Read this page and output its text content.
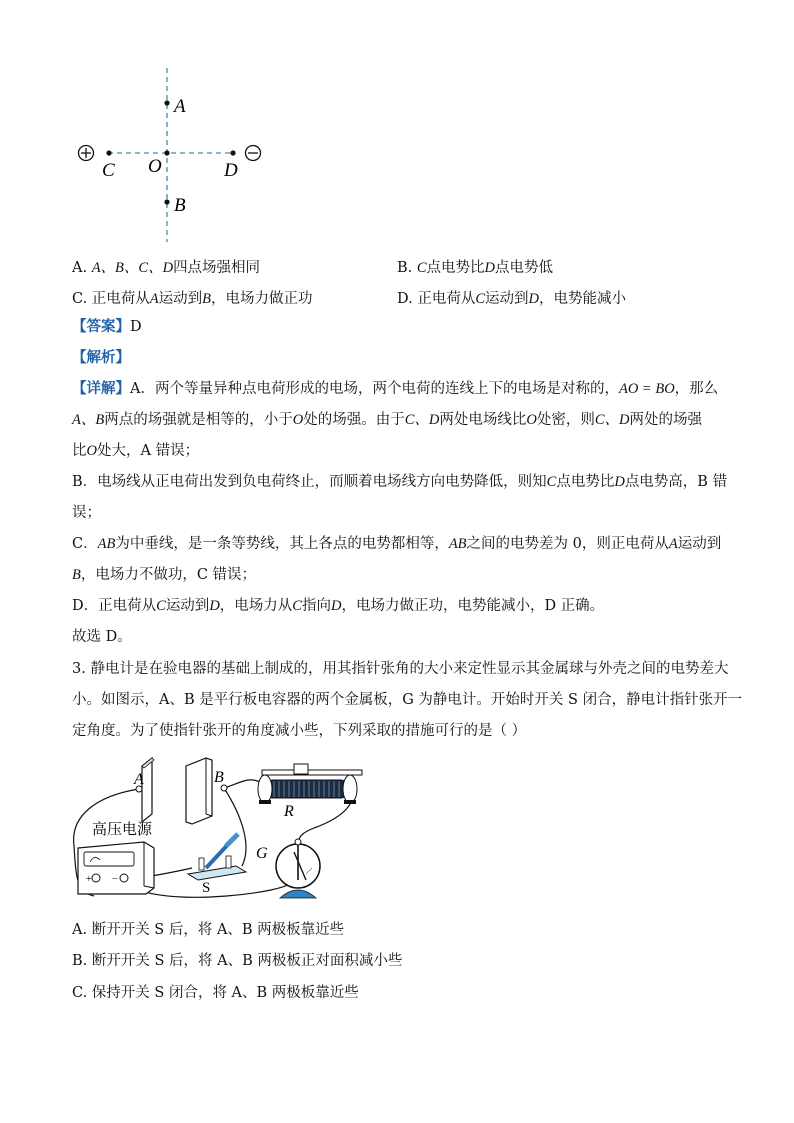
A
O
B
C	D
A. A、B、C、D四点场强相同	B. C点电势比D点电势低
C. 正电荷从A运动到B，电场力做正功	D. 正电荷从C运动到D，电势能减小
【答案】D
【解析】
【详解】A．两个等量异种点电荷形成的电场，两个电荷的连线上下的电场是对称的，AO = BO，那么
A、B两点的场强就是相等的，小于O处的场强。由于C、D两处电场线比O处密，则C、D两处的场强
比O处大，A 错误；
B．电场线从正电荷出发到负电荷终止，而顺着电场线方向电势降低，则知C点电势比D点电势高，B 错
误；
C．AB为中垂线，是一条等势线，其上各点的电势都相等，AB之间的电势差为 0，则正电荷从A运动到
B，电场力不做功，C 错误；
D．正电荷从C运动到D，电场力从C指向D，电场力做正功，电势能减小，D 正确。
故选 D。
3. 静电计是在验电器的基础上制成的，用其指针张角的大小来定性显示其金属球与外壳之间的电势差大
小。如图示，A、B 是平行板电容器的两个金属板，G 为静电计。开始时开关 S 闭合，静电计指针张开一
定角度。为了使指针张开的角度减小些，下列采取的措施可行的是（ ）
A	B
R
高压电源
+ −
S
G
A. 断开开关 S 后，将 A、B 两极板靠近些
B. 断开开关 S 后，将 A、B 两极板正对面积减小些
C. 保持开关 S 闭合，将 A、B 两极板靠近些
